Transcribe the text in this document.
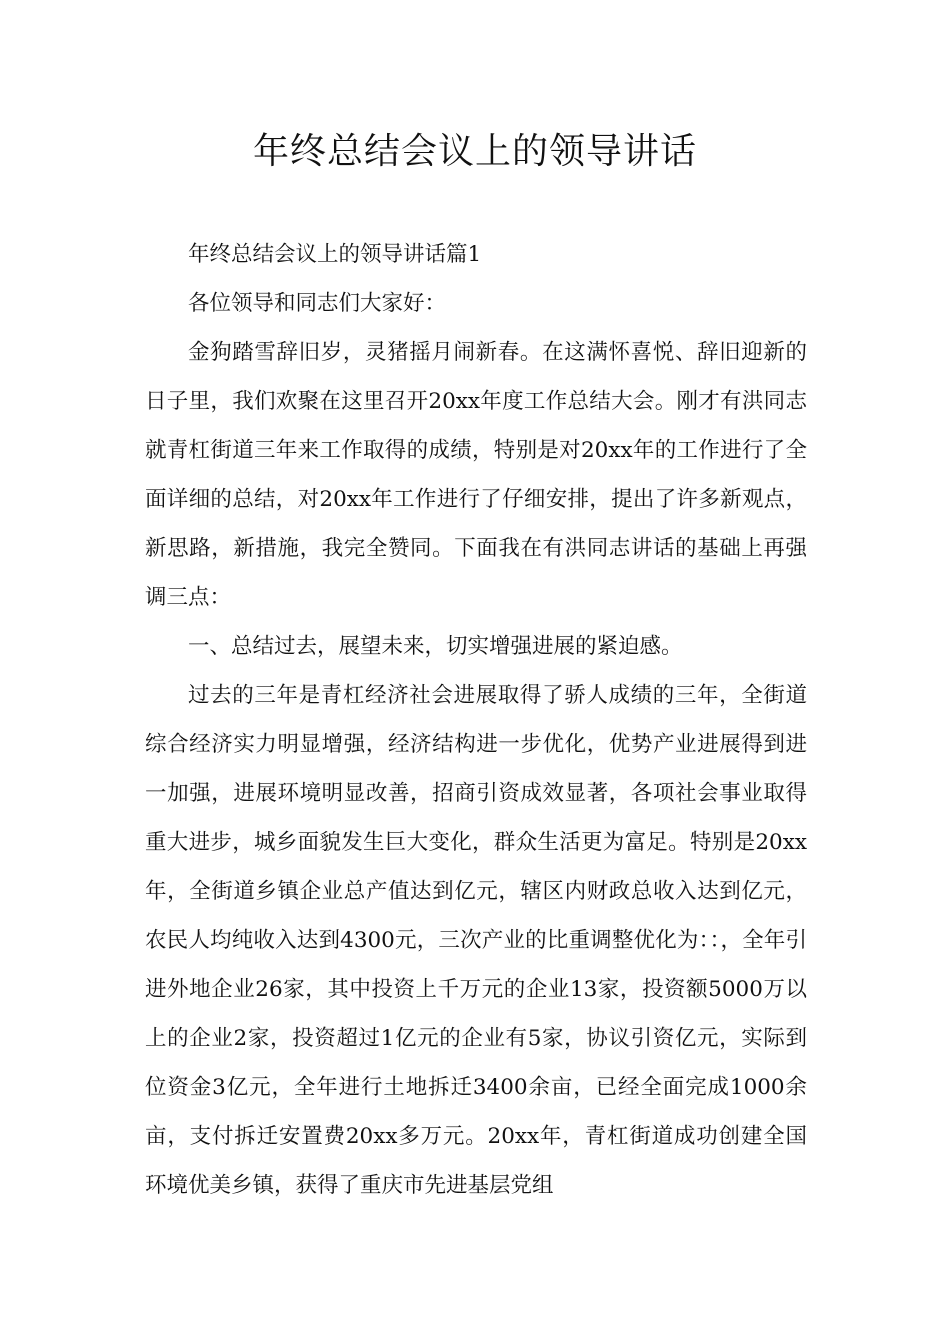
年终总结会议上的领导讲话

年终总结会议上的领导讲话篇1

各位领导和同志们大家好：

金狗踏雪辞旧岁，灵猪摇月闹新春。在这满怀喜悦、辞旧迎新的日子里，我们欢聚在这里召开20xx年度工作总结大会。刚才有洪同志就青杠街道三年来工作取得的成绩，特别是对20xx年的工作进行了全面详细的总结，对20xx年工作进行了仔细安排，提出了许多新观点，新思路，新措施，我完全赞同。下面我在有洪同志讲话的基础上再强调三点：

一、总结过去，展望未来，切实增强进展的紧迫感。

过去的三年是青杠经济社会进展取得了骄人成绩的三年，全街道综合经济实力明显增强，经济结构进一步优化，优势产业进展得到进一加强，进展环境明显改善，招商引资成效显著，各项社会事业取得重大进步，城乡面貌发生巨大变化，群众生活更为富足。特别是20xx年，全街道乡镇企业总产值达到亿元，辖区内财政总收入达到亿元，农民人均纯收入达到4300元，三次产业的比重调整优化为：：，全年引进外地企业26家，其中投资上千万元的企业13家，投资额5000万以上的企业2家，投资超过1亿元的企业有5家，协议引资亿元，实际到位资金3亿元，全年进行土地拆迁3400余亩，已经全面完成1000余亩，支付拆迁安置费20xx多万元。20xx年，青杠街道成功创建全国环境优美乡镇，获得了重庆市先进基层党组
